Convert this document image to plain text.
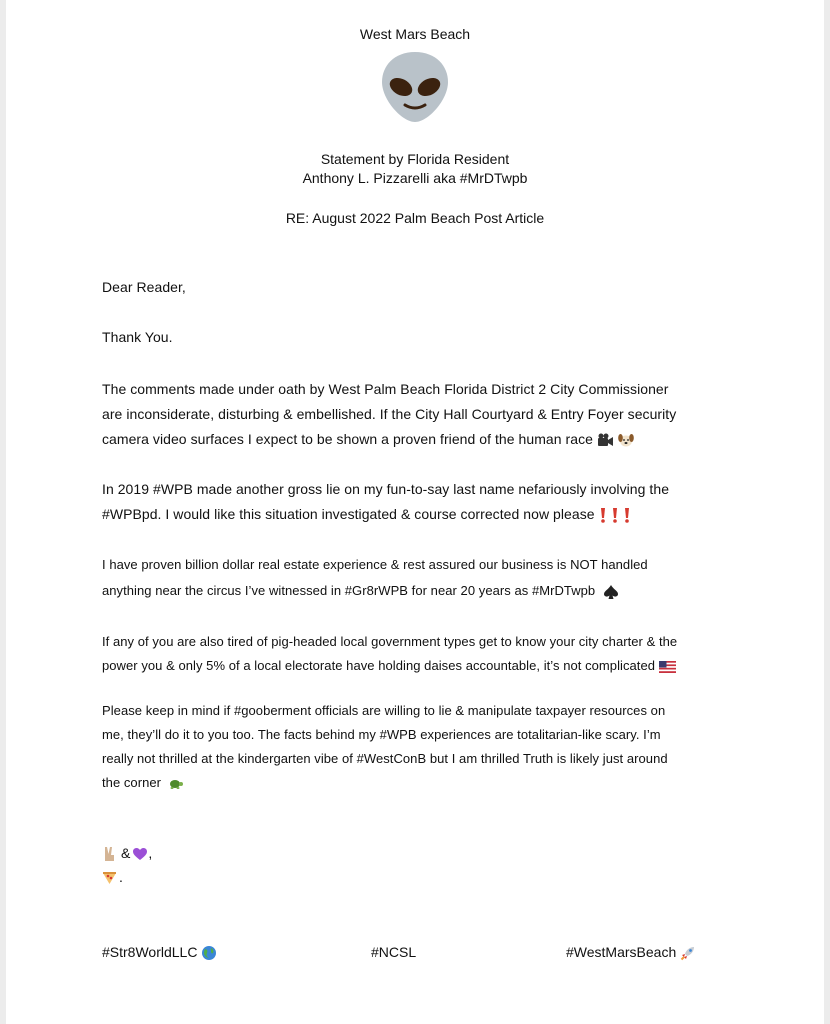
West Mars Beach
Statement by Florida Resident
Anthony L. Pizzarelli aka #MrDTwpb
RE: August 2022 Palm Beach Post Article
Dear Reader,
Thank You.
The comments made under oath by West Palm Beach Florida District 2 City Commissioner
are inconsiderate, disturbing & embellished. If the City Hall Courtyard & Entry Foyer security
camera video surfaces I expect to be shown a proven friend of the human race
In 2019 #WPB made another gross lie on my fun-to-say last name nefariously involving the
#WPBpd. I would like this situation investigated & course corrected now please
I have proven billion dollar real estate experience & rest assured our business is NOT handled
anything near the circus I’ve witnessed in #Gr8rWPB for near 20 years as #MrDTwpb
If any of you are also tired of pig-headed local government types get to know your city charter & the
power you & only 5% of a local electorate have holding daises accountable, it’s not complicated
Please keep in mind if #gooberment officials are willing to lie & manipulate taxpayer resources on
me, they’ll do it to you too. The facts behind my #WPB experiences are totalitarian-like scary. I’m
really not thrilled at the kindergarten vibe of #WestConB but I am thrilled Truth is likely just around
the corner
& ,
.
#Str8WorldLLC	#NCSL	#WestMarsBeach
